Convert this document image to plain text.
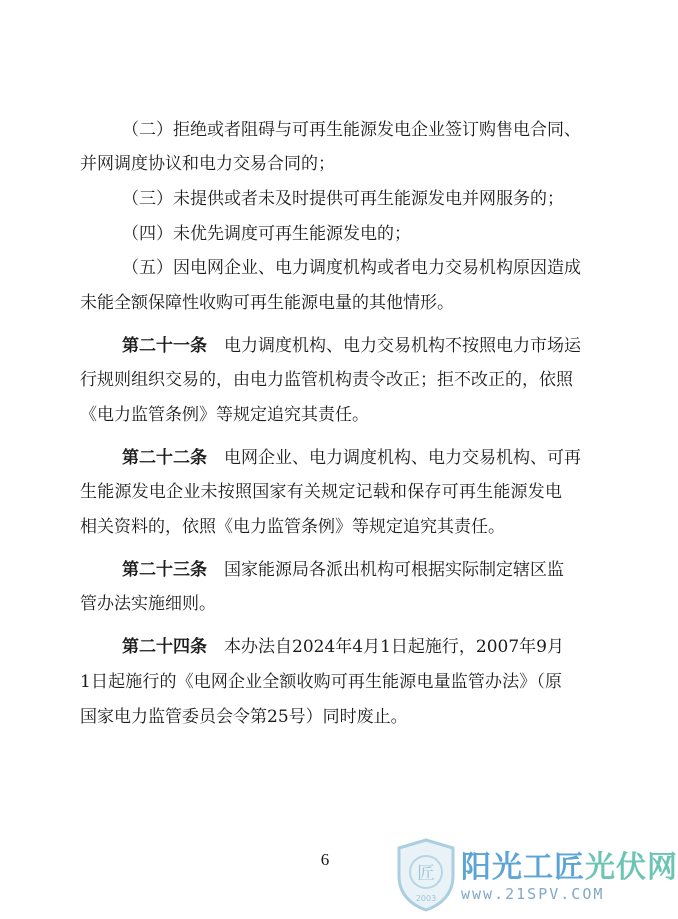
（二）拒绝或者阻碍与可再生能源发电企业签订购售电合同、
并网调度协议和电力交易合同的；
（三）未提供或者未及时提供可再生能源发电并网服务的；
（四）未优先调度可再生能源发电的；
（五）因电网企业、电力调度机构或者电力交易机构原因造成
未能全额保障性收购可再生能源电量的其他情形。
第二十一条　电力调度机构、电力交易机构不按照电力市场运
行规则组织交易的，由电力监管机构责令改正；拒不改正的，依照
《电力监管条例》等规定追究其责任。
第二十二条　电网企业、电力调度机构、电力交易机构、可再
生能源发电企业未按照国家有关规定记载和保存可再生能源发电
相关资料的，依照《电力监管条例》等规定追究其责任。
第二十三条　国家能源局各派出机构可根据实际制定辖区监
管办法实施细则。
第二十四条　本办法自2024年4月1日起施行，2007年9月
1日起施行的《电网企业全额收购可再生能源电量监管办法》（原
国家电力监管委员会令第25号）同时废止。
6
匠
2003
阳光工匠光伏网
www.21SPV.COM
